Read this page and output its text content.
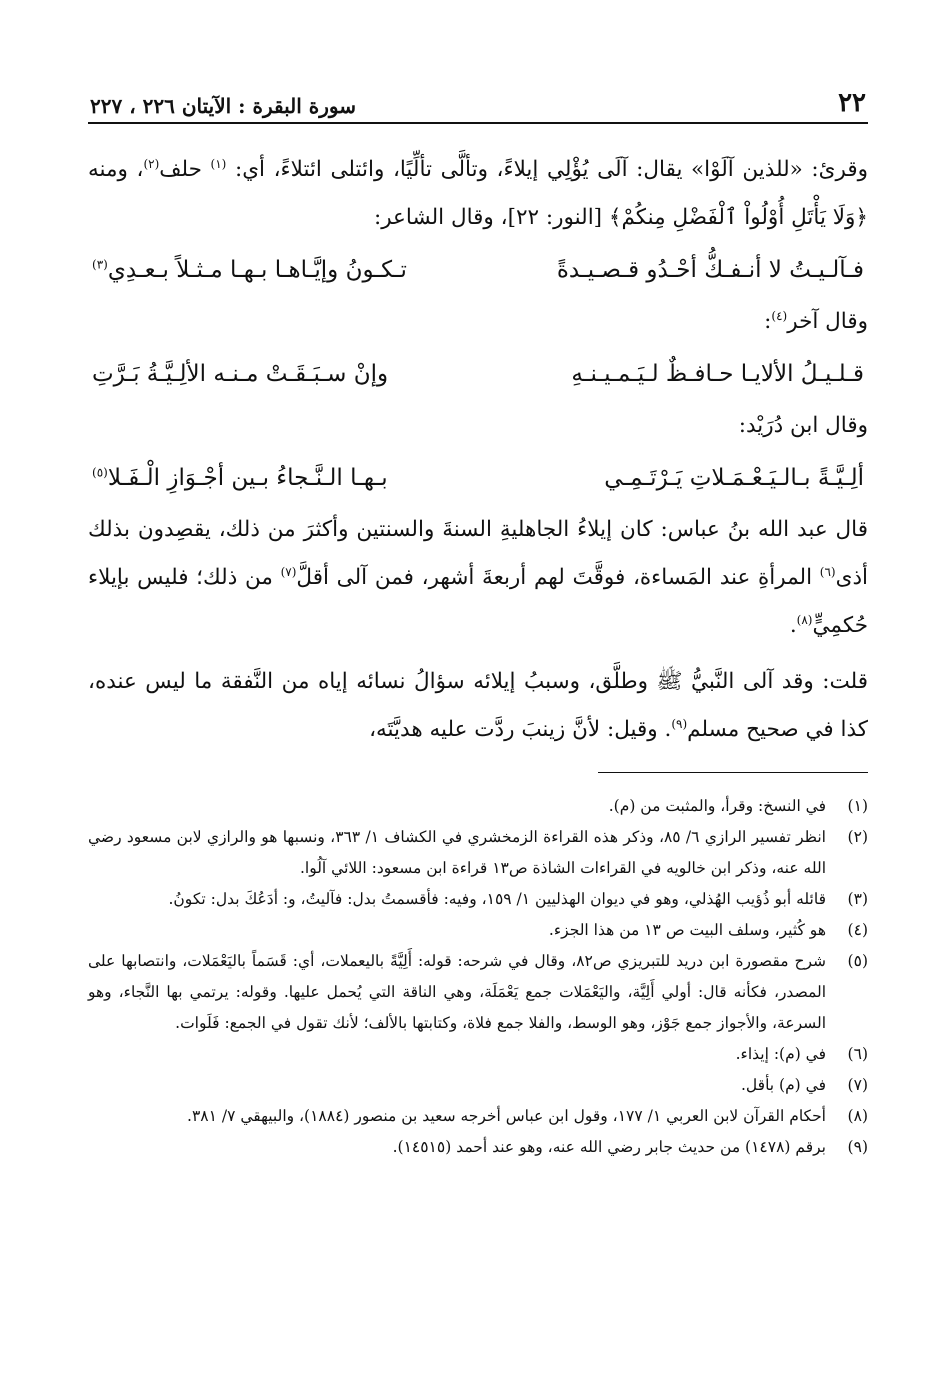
٢٢
سورة البقرة : الآيتان ٢٢٦ ، ٢٢٧

وقرئ: «للذين آلَوْا» يقال: آلَى يُؤْلِي إيلاءً، وتألَّى تألِّيًا، وائتلى ائتلاءً، أي: $^{(١)}$ حلف$^{(٢)}$، ومنه ﴿وَلَا يَأْتَلِ أُوْلُواْ ٱلْفَضْلِ مِنكُمْ﴾ [النور: ٢٢]، وقال الشاعر:

فـآلـيـتُ لا أنـفـكُّ أحْـدُو قـصـيـدةً
تـكـونُ وإيَّـاهـا بـهـا مـثـلاً بـعـدِي$^{(٣)}$

وقال آخر$^{(٤)}$:

قـلـيـلُ الألايـا حـافـظٌ لـيَـمـيـنـهِ
وإنْ سـبَـقَـتْ مـنـه الألِـيَّـةُ بَـرَّتِ

وقال ابن دُرَيْد:

ألِـيَّـةً بـالـيَـعْـمَـلاتِ يَـرْتَـمِـي
بـهـا الـنَّـجاءُ بـين أجْـوَازِ الْـفَـلا$^{(٥)}$

قال عبد الله بنُ عباس: كان إيلاءُ الجاهليةِ السنةَ والسنتين وأكثرَ من ذلك، يقصِدون بذلك أذى$^{(٦)}$ المرأةِ عند المَساءة، فوقَّتَ لهم أربعةَ أشهر، فمن آلى أقلَّ$^{(٧)}$ من ذلك؛ فليس بإيلاء حُكمِيٍّ$^{(٨)}$.

قلت: وقد آلى النَّبيُّ ﷺ وطلَّق، وسببُ إيلائه سؤالُ نسائه إياه من النَّفقة ما ليس عنده، كذا في صحيح مسلم$^{(٩)}$. وقيل: لأنَّ زينبَ ردَّت عليه هديَّتَه،

(١)
في النسخ: وقرأ، والمثبت من (م).
(٢)
انظر تفسير الرازي ٦/ ٨٥، وذكر هذه القراءة الزمخشري في الكشاف ١/ ٣٦٣، ونسبها هو والرازي لابن مسعود رضي الله عنه، وذكر ابن خالويه في القراءات الشاذة ص١٣ قراءة ابن مسعود: اللائي آلُوا.
(٣)
قائله أبو ذُؤيب الهُذلي، وهو في ديوان الهذليين ١/ ١٥٩، وفيه: فأقسمتُ بدل: فآليتُ، و: أدَعُكَ بدل: تكونُ.
(٤)
هو كُثير، وسلف البيت ص ١٣ من هذا الجزء.
(٥)
شرح مقصورة ابن دريد للتبريزي ص٨٢، وقال في شرحه: قوله: أَلِيَّةً باليعملات، أي: قَسَماً باليَعْمَلات، وانتصابها على المصدر، فكأنه قال: أولي أَلِيَّة، واليَعْمَلات جمع يَعْمَلَة، وهي الناقة التي يُحمل عليها. وقوله: يرتمي بها النَّجاء، وهو السرعة، والأجواز جمع جَوْز، وهو الوسط، والفلا جمع فلاة، وكتابتها بالألف؛ لأنك تقول في الجمع: فَلَوات.
(٦)
في (م): إيذاء.
(٧)
في (م) بأقل.
(٨)
أحكام القرآن لابن العربي ١/ ١٧٧، وقول ابن عباس أخرجه سعيد بن منصور (١٨٨٤)، والبيهقي ٧/ ٣٨١.
(٩)
برقم (١٤٧٨) من حديث جابر رضي الله عنه، وهو عند أحمد (١٤٥١٥).
